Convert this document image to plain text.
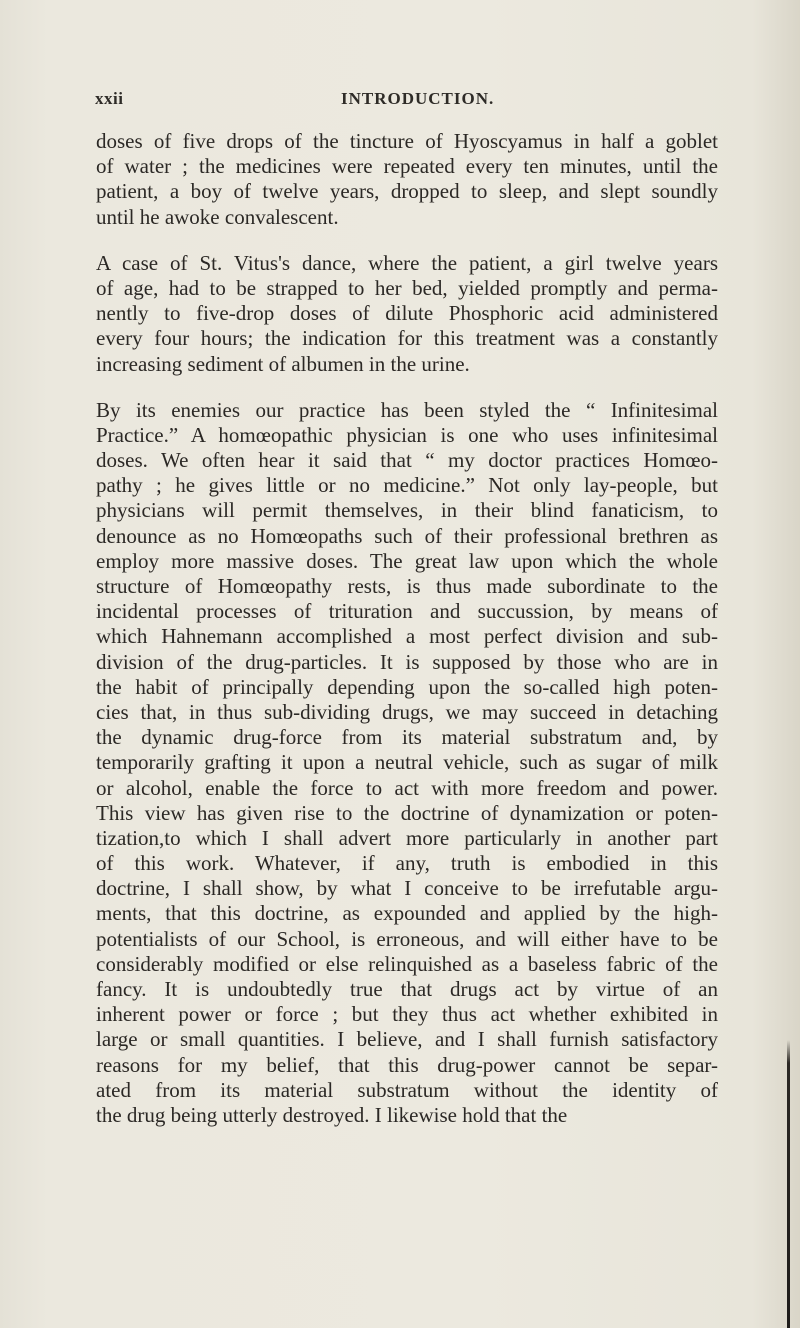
xxii	INTRODUCTION.
doses of five drops of the tincture of Hyoscyamus in half a goblet
of water ; the medicines were repeated every ten minutes, until the
patient, a boy of twelve years, dropped to sleep, and slept soundly
until he awoke convalescent.
A case of St. Vitus's dance, where the patient, a girl twelve years
of age, had to be strapped to her bed, yielded promptly and perma-
nently to five-drop doses of dilute Phosphoric acid administered
every four hours; the indication for this treatment was a constantly
increasing sediment of albumen in the urine.
By its enemies our practice has been styled the “ Infinitesimal
Practice.” A homœopathic physician is one who uses infinitesimal
doses. We often hear it said that “ my doctor practices Homœo-
pathy ; he gives little or no medicine.” Not only lay-people, but
physicians will permit themselves, in their blind fanaticism, to
denounce as no Homœopaths such of their professional brethren as
employ more massive doses. The great law upon which the whole
structure of Homœopathy rests, is thus made subordinate to the
incidental processes of trituration and succussion, by means of
which Hahnemann accomplished a most perfect division and sub-
division of the drug-particles. It is supposed by those who are in
the habit of principally depending upon the so-called high poten-
cies that, in thus sub-dividing drugs, we may succeed in detaching
the dynamic drug-force from its material substratum and, by
temporarily grafting it upon a neutral vehicle, such as sugar of milk
or alcohol, enable the force to act with more freedom and power.
This view has given rise to the doctrine of dynamization or poten-
tization,to which I shall advert more particularly in another part
of this work. Whatever, if any, truth is embodied in this
doctrine, I shall show, by what I conceive to be irrefutable argu-
ments, that this doctrine, as expounded and applied by the high-
potentialists of our School, is erroneous, and will either have to be
considerably modified or else relinquished as a baseless fabric of the
fancy. It is undoubtedly true that drugs act by virtue of an
inherent power or force ; but they thus act whether exhibited in
large or small quantities. I believe, and I shall furnish satisfactory
reasons for my belief, that this drug-power cannot be separ-
ated from its material substratum without the identity of
the drug being utterly destroyed. I likewise hold that the
